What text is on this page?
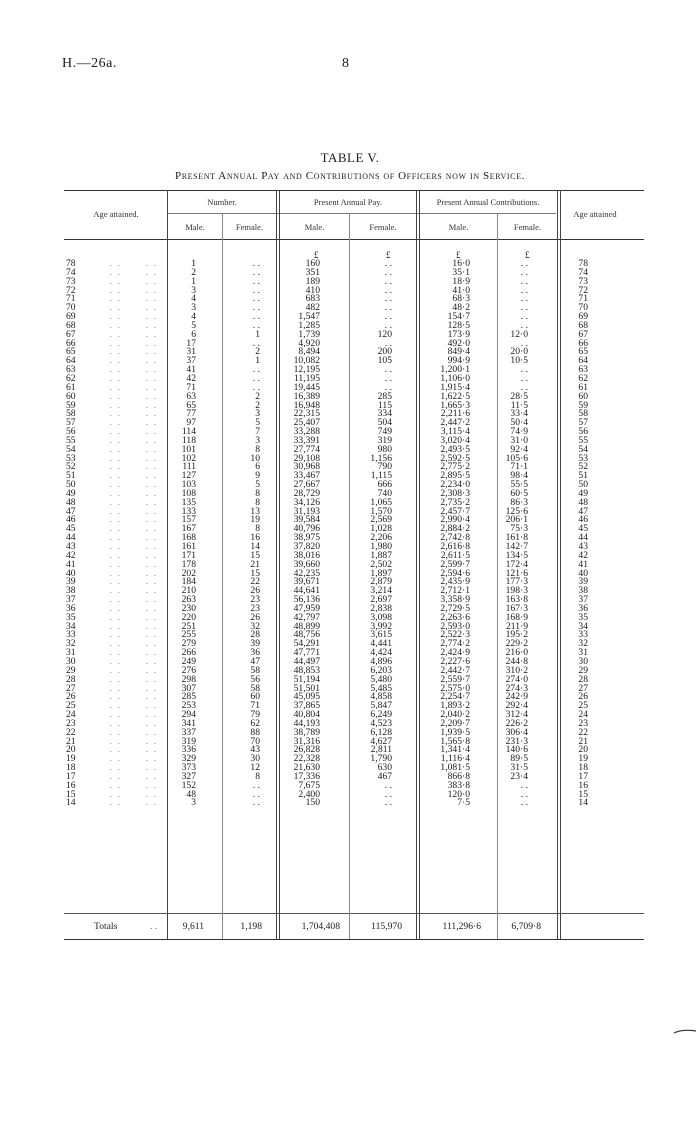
H.—26a.	8
TABLE V.
Present Annual Pay and Contributions of Officers now in Service.
Age attained.
Number.	Present Annual Pay.	Present Annual Contributions.
Age attained
Male.	Female.	Male.	Female.	Male.	Female.
£	£	£	£
78	. .      . .	1	. .	160	. .	16·0	. .	78
74	. .      . .	2	. .	351	. .	35·1	. .	74
73	. .      . .	1	. .	189	. .	18·9	. .	73
72	. .      . .	3	. .	410	. .	41·0	. .	72
71	. .      . .	4	. .	683	. .	68·3	. .	71
70	. .      . .	3	. .	482	. .	48·2	. .	70
69	. .      . .	4	. .	1,547	. .	154·7	. .	69
68	. .      . .	5	. .	1,285	. .	128·5	. .	68
67	. .      . .	6	1	1,739	120	173·9	12·0	67
66	. .      . .	17	. .	4,920	. .	492·0	. .	66
65	. .      . .	31	2	8,494	200	849·4	20·0	65
64	. .      . .	37	1	10,082	105	994·9	10·5	64
63	. .      . .	41	. .	12,195	. .	1,200·1	. .	63
62	. .      . .	42	. .	11,195	. .	1,106·0	. .	62
61	. .      . .	71	. .	19,445	. .	1,915·4	. .	61
60	. .      . .	63	2	16,389	285	1,622·5	28·5	60
59	. .      . .	65	2	16,948	115	1,665·3	11·5	59
58	. .      . .	77	3	22,315	334	2,211·6	33·4	58
57	. .      . .	97	5	25,407	504	2,447·2	50·4	57
56	. .      . .	114	7	33,288	749	3,115·4	74·9	56
55	. .      . .	118	3	33,391	319	3,020·4	31·0	55
54	. .      . .	101	8	27,774	980	2,493·5	92·4	54
53	. .      . .	102	10	29,108	1,156	2,592·5	105·6	53
52	. .      . .	111	6	30,968	790	2,775·2	71·1	52
51	. .      . .	127	9	33,467	1,115	2,895·5	98·4	51
50	. .      . .	103	5	27,667	666	2,234·0	55·5	50
49	. .      . .	108	8	28,729	740	2,308·3	60·5	49
48	. .      . .	135	8	34,126	1,065	2,735·2	86·3	48
47	. .      . .	133	13	31,193	1,570	2,457·7	125·6	47
46	. .      . .	157	19	39,584	2,569	2,990·4	206·1	46
45	. .      . .	167	8	40,796	1,028	2,884·2	75·3	45
44	. .      . .	168	16	38,975	2,206	2,742·8	161·8	44
43	. .      . .	161	14	37,820	1,980	2,616·8	142·7	43
42	. .      . .	171	15	38,016	1,887	2,611·5	134·5	42
41	. .      . .	178	21	39,660	2,502	2,599·7	172·4	41
40	. .      . .	202	15	42,235	1,897	2,594·6	121·6	40
39	. .      . .	184	22	39,671	2,879	2,435·9	177·3	39
38	. .      . .	210	26	44,641	3,214	2,712·1	198·3	38
37	. .      . .	263	23	56,136	2,697	3,358·9	163·8	37
36	. .      . .	230	23	47,959	2,838	2,729·5	167·3	36
35	. .      . .	220	26	42,797	3,098	2,263·6	168·9	35
34	. .      . .	251	32	48,899	3,992	2,593·0	211·9	34
33	. .      . .	255	28	48,756	3,615	2,522·3	195·2	33
32	. .      . .	279	39	54,291	4,441	2,774·2	229·2	32
31	. .      . .	266	36	47,771	4,424	2,424·9	216·0	31
30	. .      . .	249	47	44,497	4,896	2,227·6	244·8	30
29	. .      . .	276	58	48,853	6,203	2,442·7	310·2	29
28	. .      . .	298	56	51,194	5,480	2,559·7	274·0	28
27	. .      . .	307	58	51,501	5,485	2,575·0	274·3	27
26	. .      . .	285	60	45,095	4,858	2,254·7	242·9	26
25	. .      . .	253	71	37,865	5,847	1,893·2	292·4	25
24	. .      . .	294	79	40,804	6,249	2,040·2	312·4	24
23	. .      . .	341	62	44,193	4,523	2,209·7	226·2	23
22	. .      . .	337	88	38,789	6,128	1,939·5	306·4	22
21	. .      . .	319	70	31,316	4,627	1,565·8	231·3	21
20	. .      . .	336	43	26,828	2,811	1,341·4	140·6	20
19	. .      . .	329	30	22,328	1,790	1,116·4	89·5	19
18	. .      . .	373	12	21,630	630	1,081·5	31·5	18
17	. .      . .	327	8	17,336	467	866·8	23·4	17
16	. .      . .	152	. .	7,675	. .	383·8	. .	16
15	. .      . .	48	. .	2,400	. .	120·0	. .	15
14	. .      . .	3	. .	150	. .	7·5	. .	14
Totals	. .	9,611	1,198	1,704,408	115,970	111,296·6	6,709·8
